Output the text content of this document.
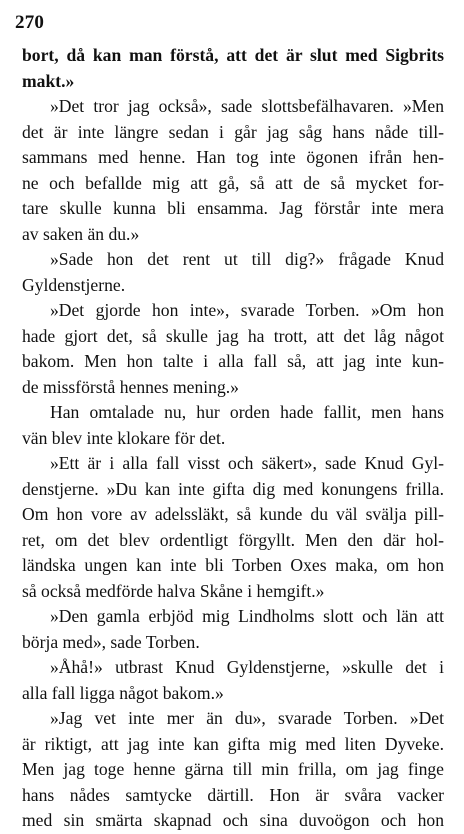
270
bort, då kan man förstå, att det är slut med Sigbrits
makt.»
»Det tror jag också», sade slottsbefälhavaren. »Men
det är inte längre sedan i går jag såg hans nåde till-
sammans med henne. Han tog inte ögonen ifrån hen-
ne och befallde mig att gå, så att de så mycket for-
tare skulle kunna bli ensamma. Jag förstår inte mera
av saken än du.»
»Sade hon det rent ut till dig?» frågade Knud
Gyldenstjerne.
»Det gjorde hon inte», svarade Torben. »Om hon
hade gjort det, så skulle jag ha trott, att det låg något
bakom. Men hon talte i alla fall så, att jag inte kun-
de missförstå hennes mening.»
Han omtalade nu, hur orden hade fallit, men hans
vän blev inte klokare för det.
»Ett är i alla fall visst och säkert», sade Knud Gyl-
denstjerne. »Du kan inte gifta dig med konungens frilla.
Om hon vore av adelssläkt, så kunde du väl svälja pill-
ret, om det blev ordentligt förgyllt. Men den där hol-
ländska ungen kan inte bli Torben Oxes maka, om hon
så också medförde halva Skåne i hemgift.»
»Den gamla erbjöd mig Lindholms slott och län att
börja med», sade Torben.
»Åhå!» utbrast Knud Gyldenstjerne, »skulle det i
alla fall ligga något bakom.»
»Jag vet inte mer än du», svarade Torben. »Det
är riktigt, att jag inte kan gifta mig med liten Dyveke.
Men jag toge henne gärna till min frilla, om jag finge
hans nådes samtycke därtill. Hon är svåra vacker
med sin smärta skapnad och sina duvoögon och hon
